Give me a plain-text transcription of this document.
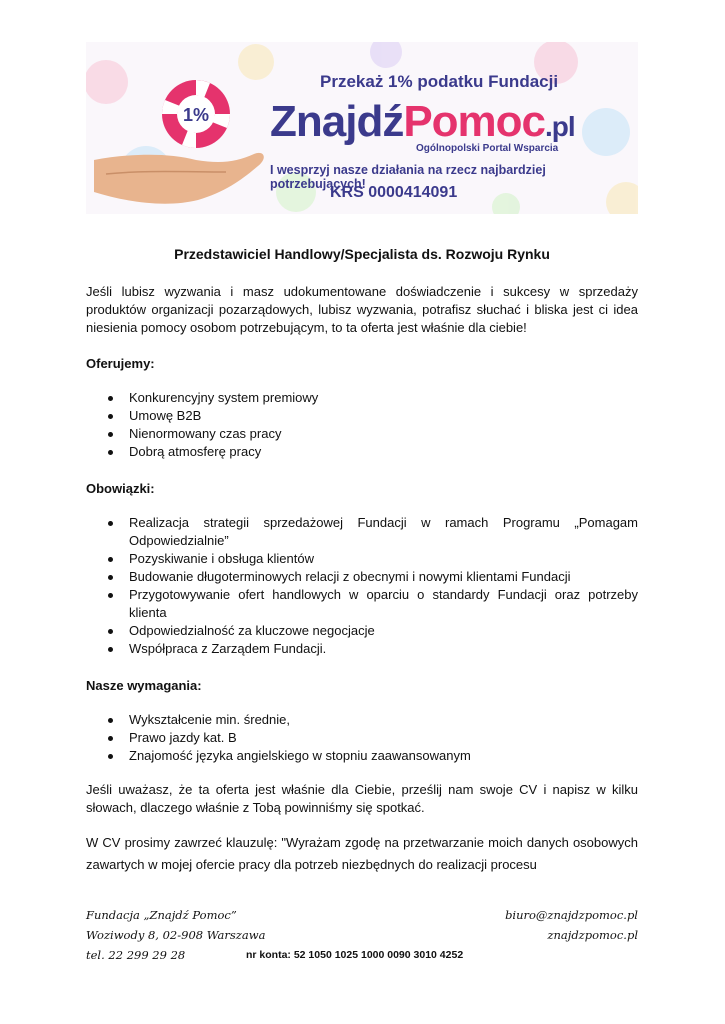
1%
Przekaż 1% podatku Fundacji
ZnajdźPomoc.pl
Ogólnopolski Portal Wsparcia
I wesprzyj nasze działania na rzecz najbardziej potrzebujących!
KRS 0000414091
Przedstawiciel Handlowy/Specjalista ds. Rozwoju Rynku
Jeśli lubisz wyzwania i masz udokumentowane doświadczenie i sukcesy w sprzedaży produktów organizacji pozarządowych, lubisz wyzwania, potrafisz słuchać i bliska jest ci idea niesienia pomocy osobom potrzebującym, to ta oferta jest właśnie dla ciebie!
Oferujemy:
Konkurencyjny system premiowy
Umowę B2B
Nienormowany czas pracy
Dobrą atmosferę pracy
Obowiązki:
Realizacja strategii sprzedażowej Fundacji w ramach Programu „Pomagam Odpowiedzialnie”
Pozyskiwanie i obsługa klientów
Budowanie długoterminowych relacji z obecnymi i nowymi klientami Fundacji
Przygotowywanie ofert handlowych w oparciu o standardy Fundacji oraz potrzeby klienta
Odpowiedzialność za kluczowe negocjacje
Współpraca z Zarządem Fundacji.
Nasze wymagania:
Wykształcenie min. średnie,
Prawo jazdy kat. B
Znajomość języka angielskiego w stopniu zaawansowanym
Jeśli uważasz, że ta oferta jest właśnie dla Ciebie, prześlij nam swoje CV i napisz w kilku słowach, dlaczego właśnie z Tobą powinniśmy się spotkać.
W CV prosimy zawrzeć klauzulę: "Wyrażam zgodę na przetwarzanie moich danych osobowych zawartych w mojej ofercie pracy dla potrzeb niezbędnych do realizacji procesu
Fundacja „Znajdź Pomoc”	biuro@znajdzpomoc.pl
Woziwody 8, 02-908 Warszawa	znajdzpomoc.pl
tel. 22 299 29 28	nr konta: 52 1050 1025 1000 0090 3010 4252
